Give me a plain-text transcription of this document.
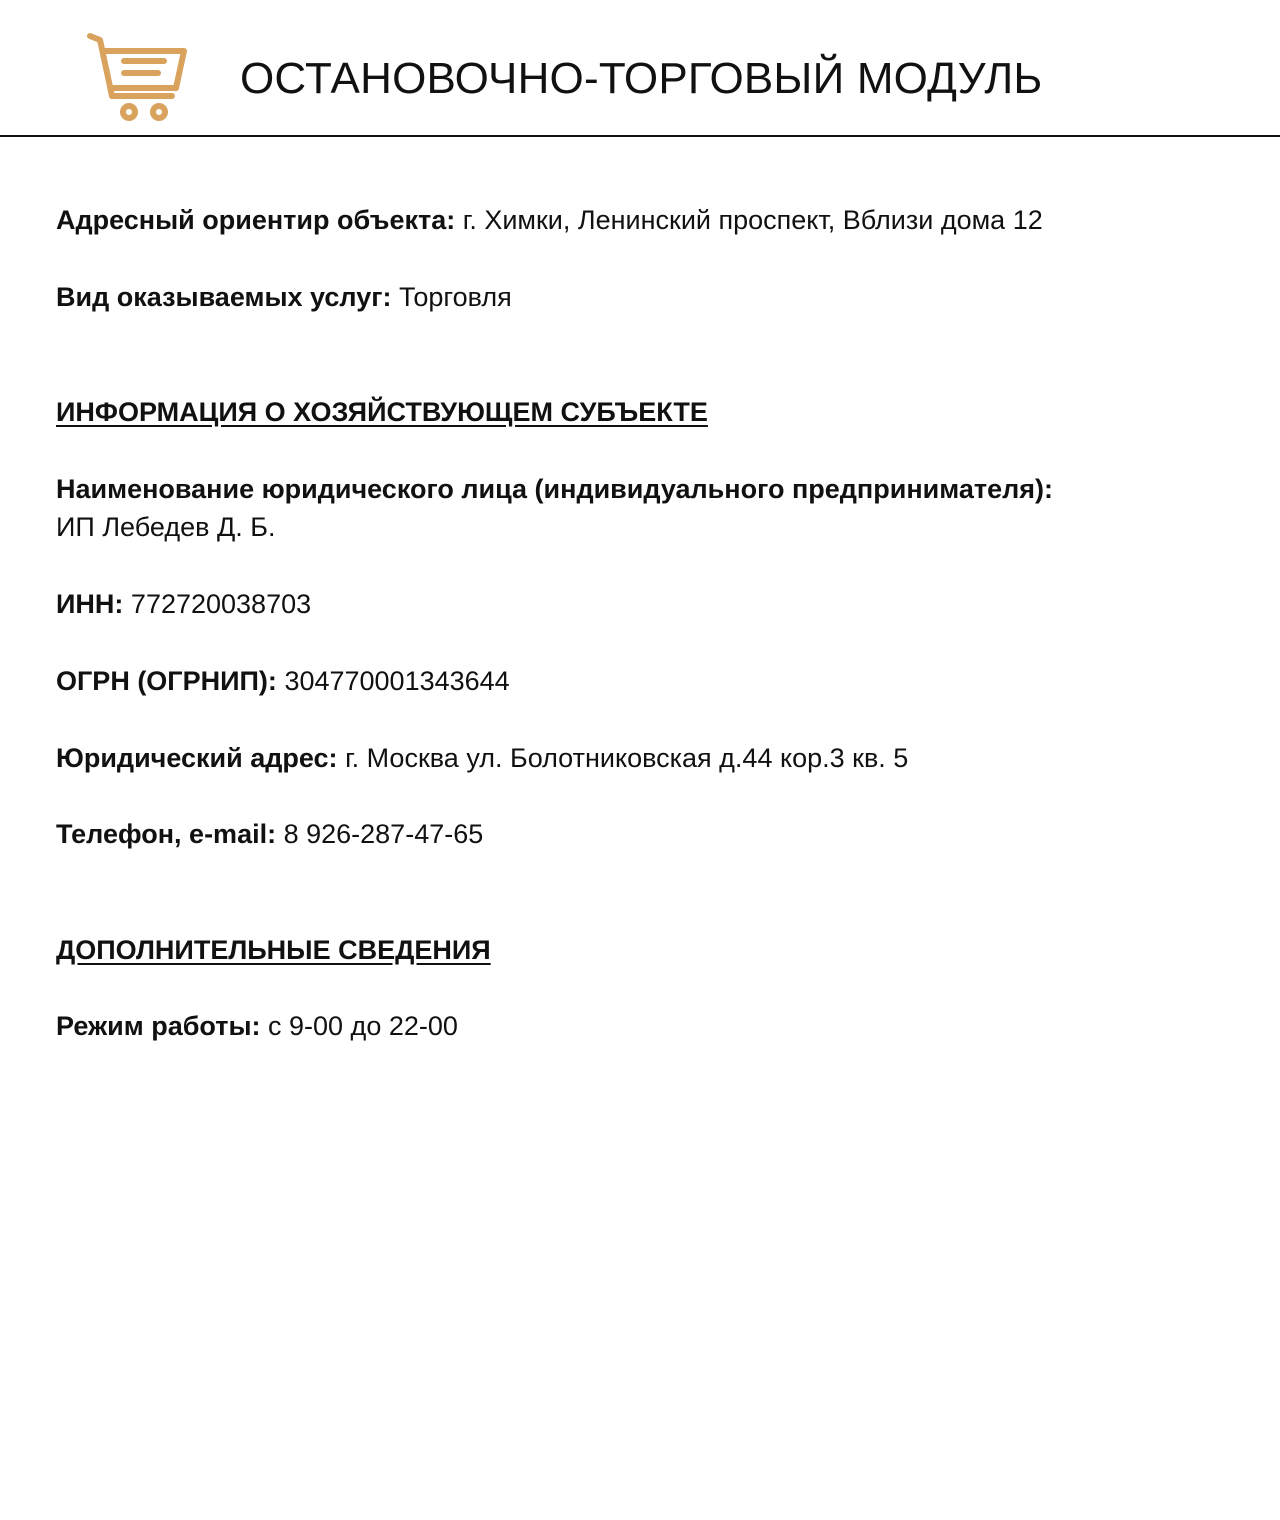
ОСТАНОВОЧНО-ТОРГОВЫЙ МОДУЛЬ
Адресный ориентир объекта: г. Химки, Ленинский проспект, Вблизи дома 12
Вид оказываемых услуг: Торговля
ИНФОРМАЦИЯ О ХОЗЯЙСТВУЮЩЕМ СУБЪЕКТЕ
Наименование юридического лица (индивидуального предпринимателя):
ИП Лебедев Д. Б.
ИНН: 772720038703
ОГРН (ОГРНИП): 304770001343644
Юридический адрес: г. Москва ул. Болотниковская д.44 кор.3 кв. 5
Телефон, e-mail: 8 926-287-47-65
ДОПОЛНИТЕЛЬНЫЕ СВЕДЕНИЯ
Режим работы: с 9-00 до 22-00
